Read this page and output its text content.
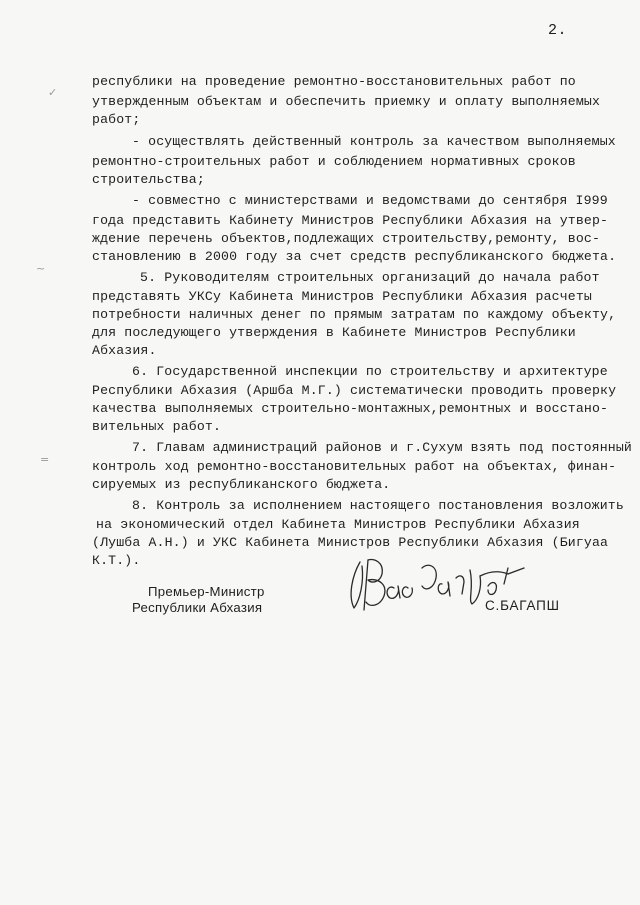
2.
✓
~
=
республики на проведение ремонтно-восстановительных работ по
утвержденным объектам и обеспечить приемку и оплату выполняемых
работ;
- осуществлять действенный контроль за качеством выполняемых
ремонтно-строительных работ и соблюдением нормативных сроков
строительства;
- совместно с министерствами и ведомствами до сентября I999
года представить Кабинету Министров Республики Абхазия на утвер-
ждение перечень объектов,подлежащих строительству,ремонту, вос-
становлению в 2000 году за счет средств республиканского бюджета.
5. Руководителям строительных организаций до начала работ
представять УКСу Кабинета Министров Республики Абхазия расчеты
потребности наличных денег по прямым затратам по каждому объекту,
для последующего утверждения в Кабинете Министров Республики
Абхазия.
6. Государственной инспекции по строительству и архитектуре
Республики Абхазия (Аршба М.Г.) систематически проводить проверку
качества выполняемых строительно-монтажных,ремонтных и восстано-
вительных работ.
7. Главам администраций районов и г.Сухум взять под постоянный
контроль ход ремонтно-восстановительных работ на объектах, финан-
сируемых из республиканского бюджета.
8. Контроль за исполнением настоящего постановления возложить
на экономический отдел Кабинета Министров Республики Абхазия
(Лушба А.Н.) и УКС Кабинета Министров Республики Абхазия (Бигуаа
К.Т.).
Премьер-Министр
Республики Абхазия	С.БАГАПШ
